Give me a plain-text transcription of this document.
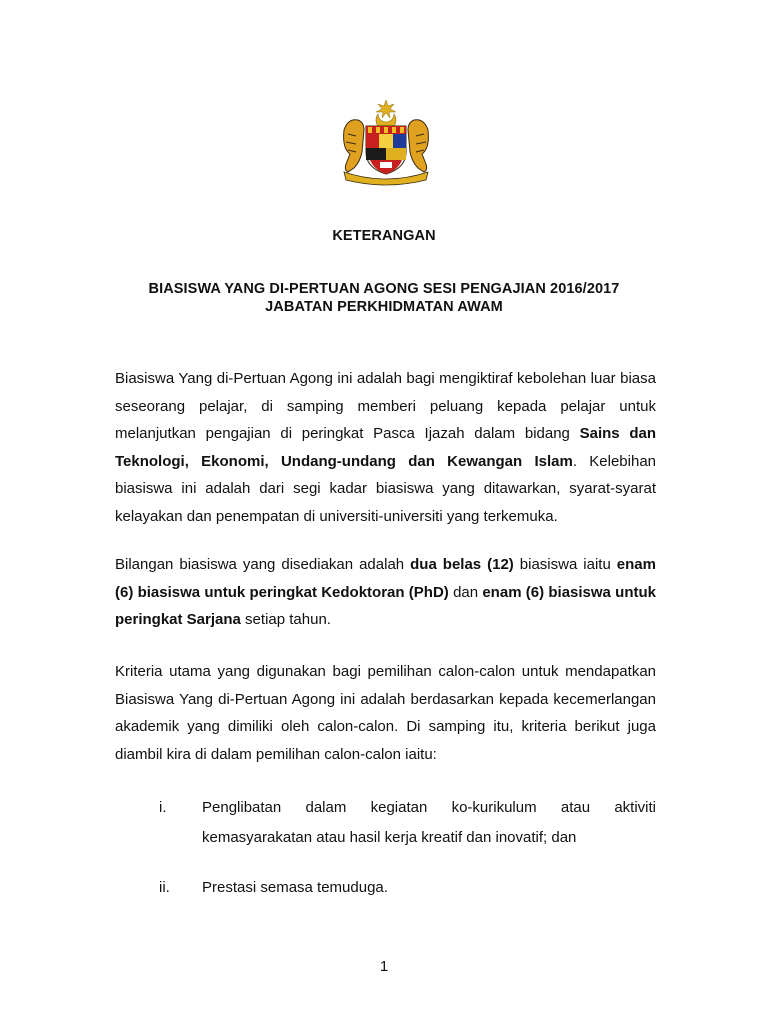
KETERANGAN
BIASISWA YANG DI-PERTUAN AGONG SESI PENGAJIAN 2016/2017
JABATAN PERKHIDMATAN AWAM
Biasiswa Yang di-Pertuan Agong ini adalah bagi mengiktiraf kebolehan luar biasa seseorang pelajar, di samping memberi peluang kepada pelajar untuk melanjutkan pengajian di peringkat Pasca Ijazah dalam bidang Sains dan Teknologi, Ekonomi, Undang-undang dan Kewangan Islam. Kelebihan biasiswa ini adalah dari segi kadar biasiswa yang ditawarkan, syarat-syarat kelayakan dan penempatan di universiti-universiti yang terkemuka.
Bilangan biasiswa yang disediakan adalah dua belas (12) biasiswa iaitu enam (6) biasiswa untuk peringkat Kedoktoran (PhD) dan enam (6) biasiswa untuk peringkat Sarjana setiap tahun.
Kriteria utama yang digunakan bagi pemilihan calon-calon untuk mendapatkan Biasiswa Yang di-Pertuan Agong ini adalah berdasarkan kepada kecemerlangan akademik yang dimiliki oleh calon-calon. Di samping itu, kriteria berikut juga diambil kira di dalam pemilihan calon-calon iaitu:
i. Penglibatan dalam kegiatan ko-kurikulum atau aktiviti kemasyarakatan atau hasil kerja kreatif dan inovatif; dan
ii. Prestasi semasa temuduga.
1
